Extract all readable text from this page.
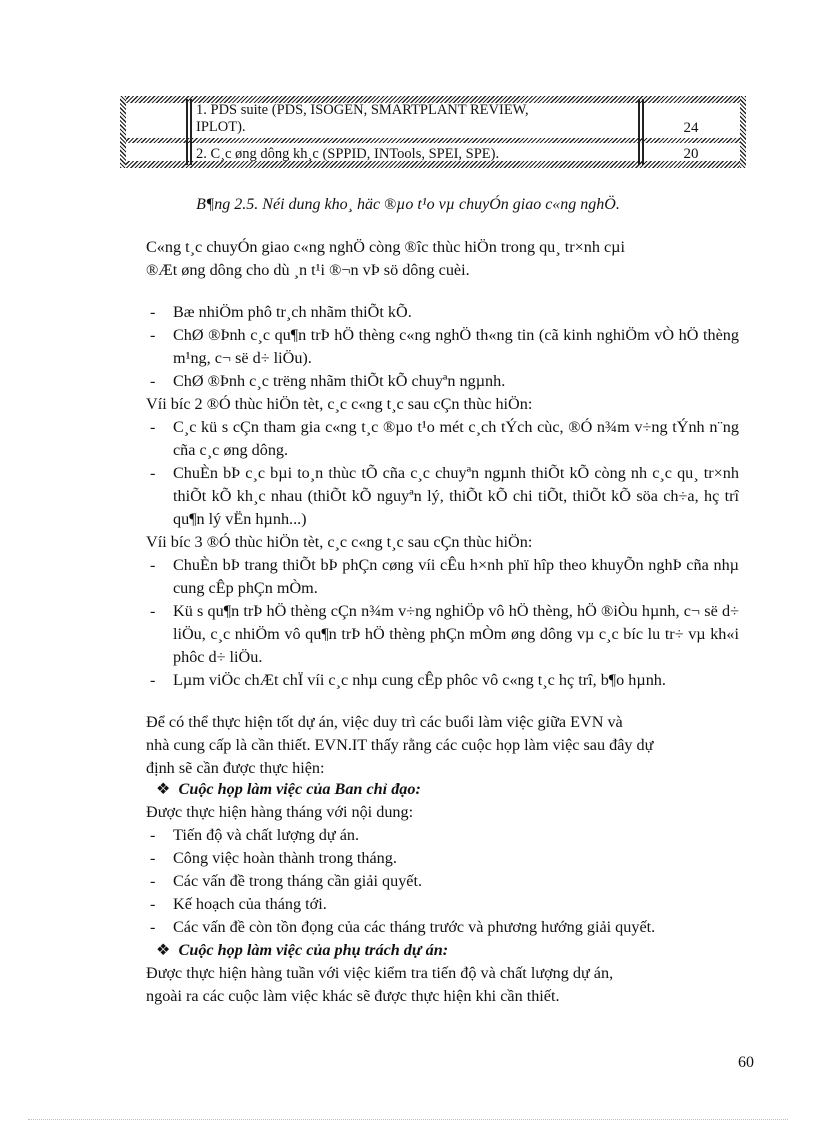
1. PDS suite (PDS, ISOGEN, SMARTPLANT REVIEW,
IPLOT).	24
2. C¸c øng dông kh¸c (SPPID, INTools, SPEI, SPE).	20
B¶ng 2.5. Néi dung kho¸ häc ®µo t¹o vµ chuyÓn giao c«ng nghÖ.
C«ng t¸c chuyÓn giao c«ng nghÖ còng ®îc thùc hiÖn trong qu¸ tr×nh cµi
®Æt øng dông cho dù ¸n t¹i ®¬n vÞ sö dông cuèi.
- Bæ nhiÖm phô tr¸ch nhãm thiÕt kÕ.
- ChØ ®Þnh c¸c qu¶n trÞ hÖ thèng c«ng nghÖ th«ng tin (cã kinh nghiÖm vÒ hÖ thèng m¹ng, c¬ së d÷ liÖu).
- ChØ ®Þnh c¸c trëng nhãm thiÕt kÕ chuyªn ngµnh.
Víi bíc 2 ®Ó thùc hiÖn tèt, c¸c c«ng t¸c sau cÇn thùc hiÖn:
- C¸c kü s cÇn tham gia c«ng t¸c ®µo t¹o mét c¸ch tÝch cùc, ®Ó n¾m v÷ng tÝnh n¨ng cña c¸c øng dông.
- ChuÈn bÞ c¸c bµi to¸n thùc tÕ cña c¸c chuyªn ngµnh thiÕt kÕ còng nh c¸c qu¸ tr×nh thiÕt kÕ kh¸c nhau (thiÕt kÕ nguyªn lý, thiÕt kÕ chi tiÕt, thiÕt kÕ söa ch÷a, hç trî qu¶n lý vËn hµnh...)
Víi bíc 3 ®Ó thùc hiÖn tèt, c¸c c«ng t¸c sau cÇn thùc hiÖn:
- ChuÈn bÞ trang thiÕt bÞ phÇn cøng víi cÊu h×nh phï hîp theo khuyÕn nghÞ cña nhµ cung cÊp phÇn mÒm.
- Kü s qu¶n trÞ hÖ thèng cÇn n¾m v÷ng nghiÖp vô hÖ thèng, hÖ ®iÒu hµnh, c¬ së d÷ liÖu, c¸c nhiÖm vô qu¶n trÞ hÖ thèng phÇn mÒm øng dông vµ c¸c bíc lu tr÷ vµ kh«i phôc d÷ liÖu.
- Lµm viÖc chÆt chÏ víi c¸c nhµ cung cÊp phôc vô c«ng t¸c hç trî, b¶o hµnh.
Để có thể thực hiện tốt dự án, việc duy trì các buổi làm việc giữa EVN và
nhà cung cấp là cần thiết. EVN.IT thấy rằng các cuộc họp làm việc sau đây dự
định sẽ cần được thực hiện:
❖ Cuộc họp làm việc của Ban chỉ đạo:
Được thực hiện hàng tháng với nội dung:
- Tiến độ và chất lượng dự án.
- Công việc hoàn thành trong tháng.
- Các vấn đề trong tháng cần giải quyết.
- Kế hoạch của tháng tới.
- Các vấn đề còn tồn đọng của các tháng trước và phương hướng giải quyết.
❖ Cuộc họp làm việc của phụ trách dự án:
Được thực hiện hàng tuần với việc kiểm tra tiến độ và chất lượng dự án,
ngoài ra các cuộc làm việc khác sẽ được thực hiện khi cần thiết.
60
